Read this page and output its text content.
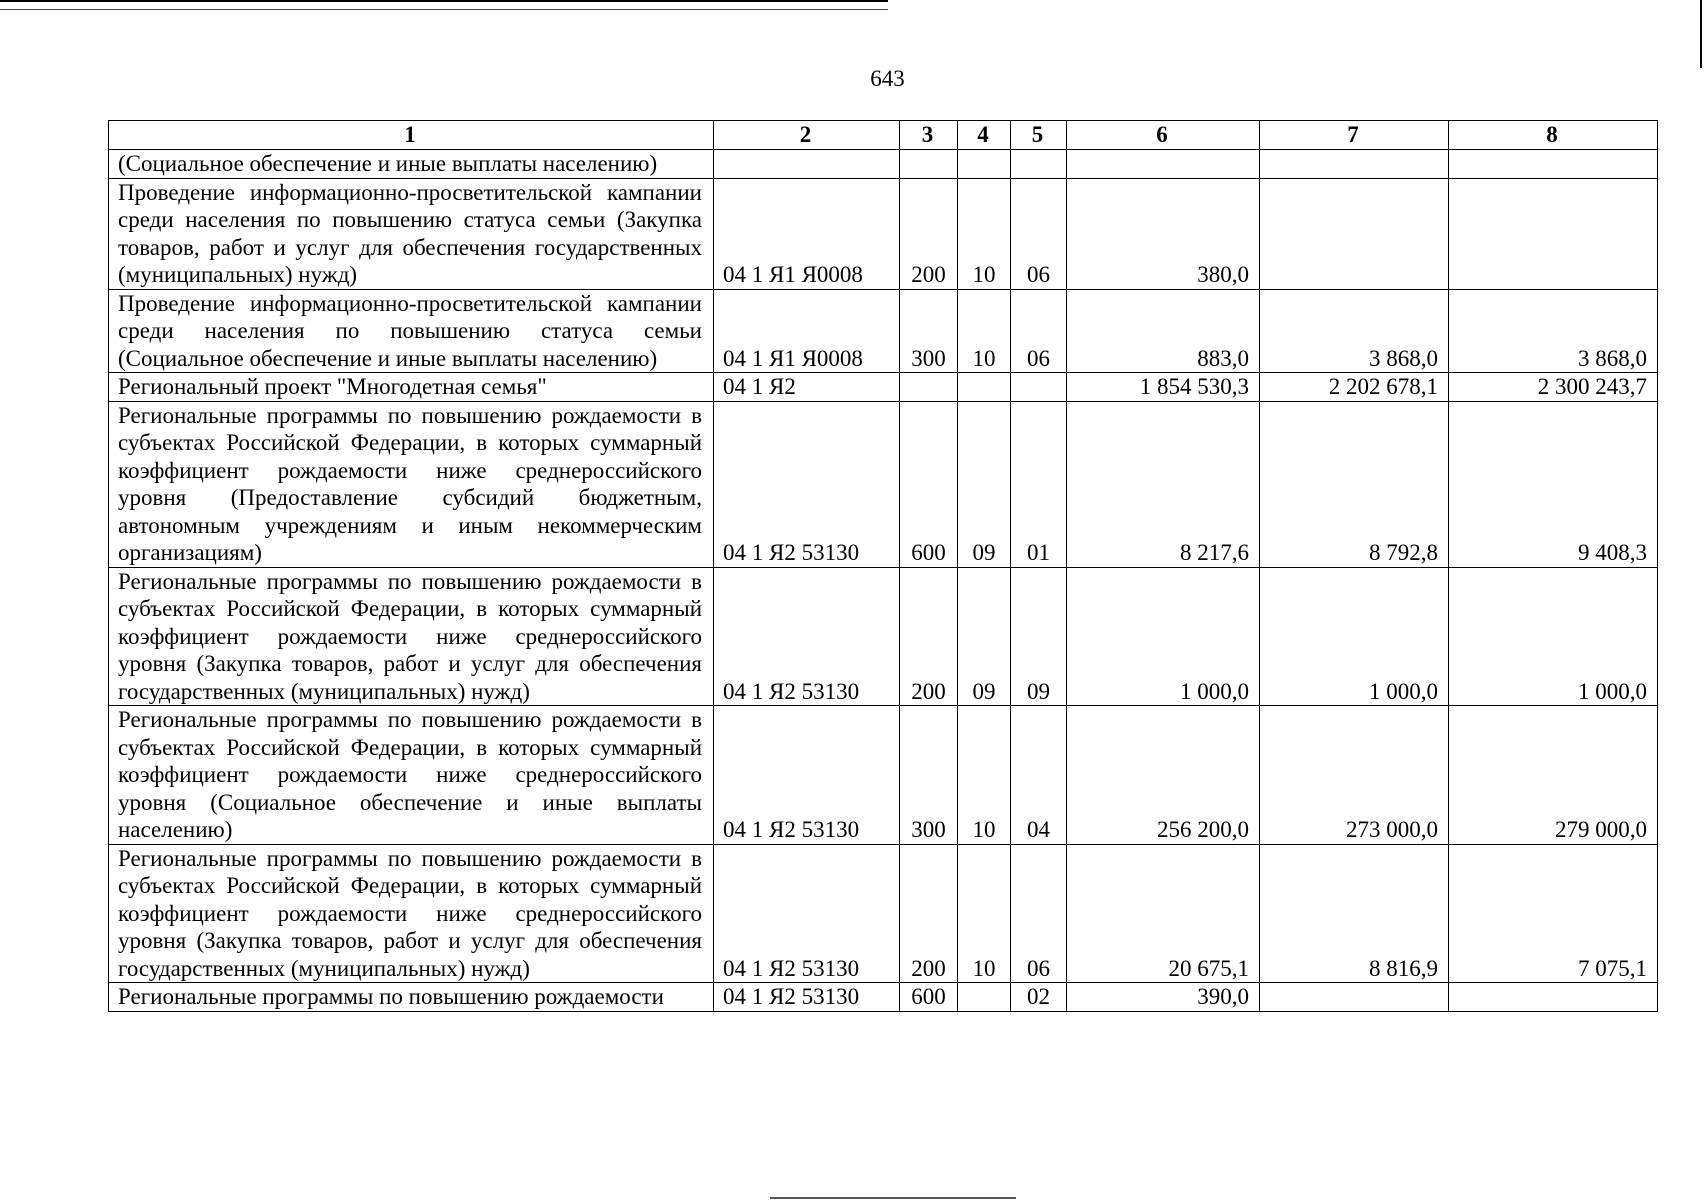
643
1	2	3	4	5	6	7	8
(Социальное обеспечение и иные выплаты населению)							
Проведение информационно-просветительской кампании среди населения по повышению статуса семьи (Закупка товаров, работ и услуг для обеспечения государственных (муниципальных) нужд)	04 1 Я1 Я0008	200	10	06	380,0		
Проведение информационно-просветительской кампании среди населения по повышению статуса семьи (Социальное обеспечение и иные выплаты населению)	04 1 Я1 Я0008	300	10	06	883,0	3 868,0	3 868,0
Региональный проект "Многодетная семья"	04 1 Я2				1 854 530,3	2 202 678,1	2 300 243,7
Региональные программы по повышению рождаемости в субъектах Российской Федерации, в которых суммарный коэффициент рождаемости ниже среднероссийского уровня (Предоставление субсидий бюджетным, автономным учреждениям и иным некоммерческим организациям)	04 1 Я2 53130	600	09	01	8 217,6	8 792,8	9 408,3
Региональные программы по повышению рождаемости в субъектах Российской Федерации, в которых суммарный коэффициент рождаемости ниже среднероссийского уровня (Закупка товаров, работ и услуг для обеспечения государственных (муниципальных) нужд)	04 1 Я2 53130	200	09	09	1 000,0	1 000,0	1 000,0
Региональные программы по повышению рождаемости в субъектах Российской Федерации, в которых суммарный коэффициент рождаемости ниже среднероссийского уровня (Социальное обеспечение и иные выплаты населению)	04 1 Я2 53130	300	10	04	256 200,0	273 000,0	279 000,0
Региональные программы по повышению рождаемости в субъектах Российской Федерации, в которых суммарный коэффициент рождаемости ниже среднероссийского уровня (Закупка товаров, работ и услуг для обеспечения государственных (муниципальных) нужд)	04 1 Я2 53130	200	10	06	20 675,1	8 816,9	7 075,1
Региональные программы по повышению рождаемости	04 1 Я2 53130	600		02	390,0		
